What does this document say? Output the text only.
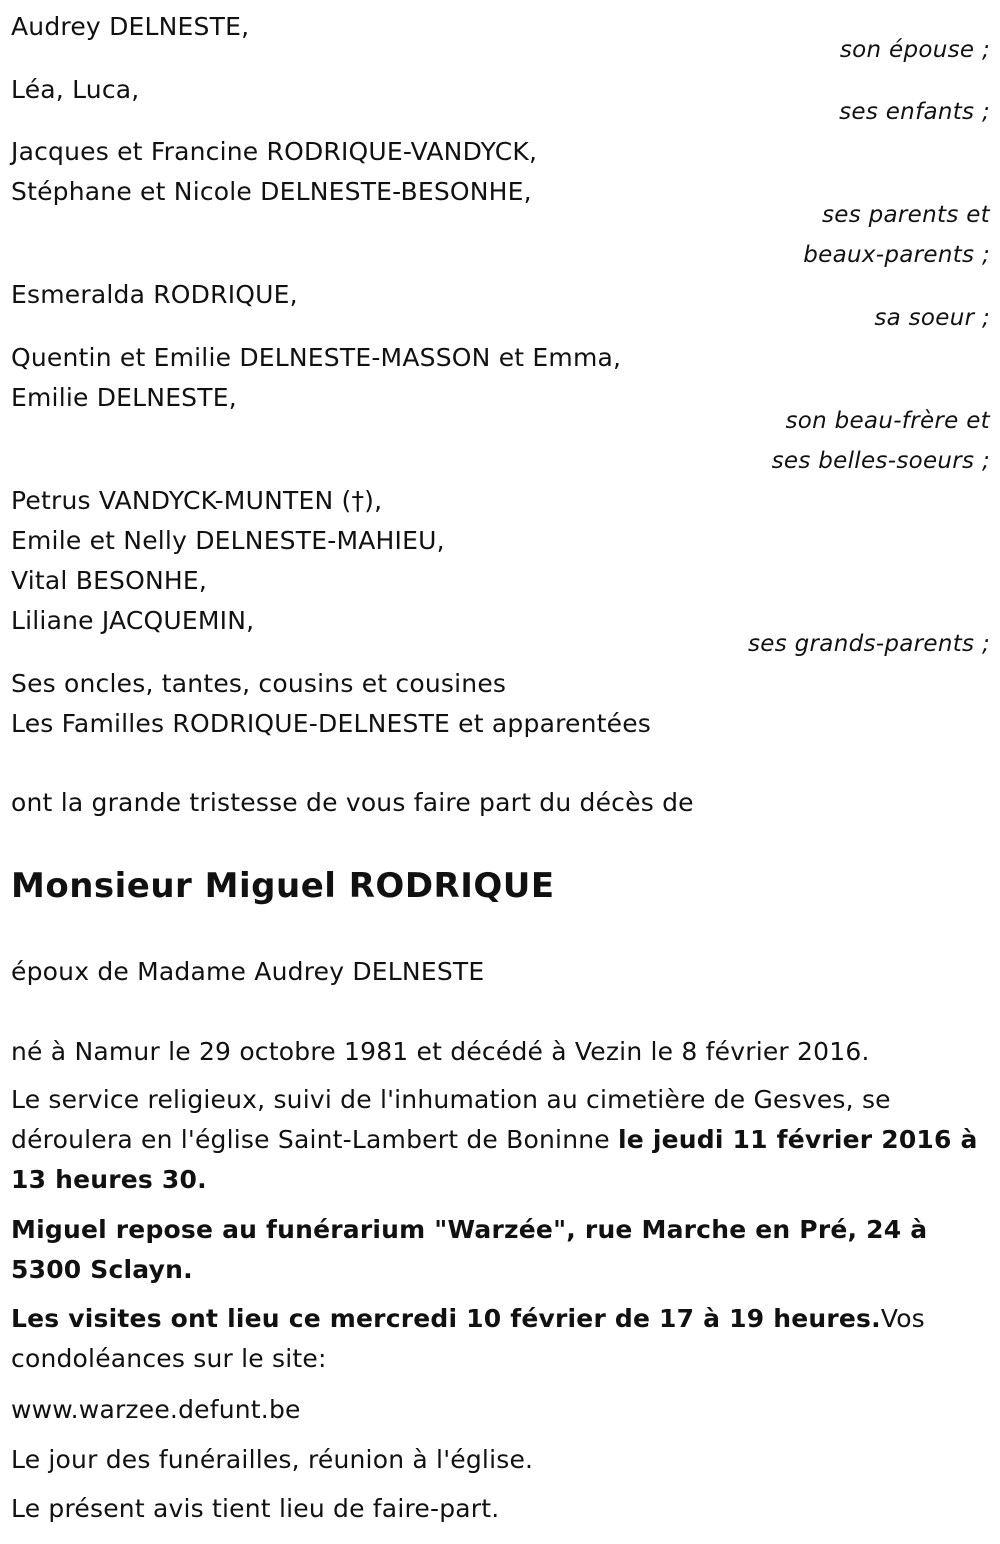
Audrey DELNESTE,
son épouse ;
Léa, Luca,
ses enfants ;
Jacques et Francine RODRIQUE-VANDYCK,
Stéphane et Nicole DELNESTE-BESONHE,
ses parents et
beaux-parents ;
Esmeralda RODRIQUE,
sa soeur ;
Quentin et Emilie DELNESTE-MASSON et Emma,
Emilie DELNESTE,
son beau-frère et
ses belles-soeurs ;
Petrus VANDYCK-MUNTEN (†),
Emile et Nelly DELNESTE-MAHIEU,
Vital BESONHE,
Liliane JACQUEMIN,
ses grands-parents ;
Ses oncles, tantes, cousins et cousines
Les Familles RODRIQUE-DELNESTE et apparentées
ont la grande tristesse de vous faire part du décès de
Monsieur Miguel RODRIQUE
époux de Madame Audrey DELNESTE
né à Namur le 29 octobre 1981 et décédé à Vezin le 8 février 2016.
Le service religieux, suivi de l'inhumation au cimetière de Gesves, se déroulera en l'église Saint-Lambert de Boninne le jeudi 11 février 2016 à 13 heures 30.
Miguel repose au funérarium "Warzée", rue Marche en Pré, 24 à 5300 Sclayn.
Les visites ont lieu ce mercredi 10 février de 17 à 19 heures.Vos condoléances sur le site:
www.warzee.defunt.be
Le jour des funérailles, réunion à l'église.
Le présent avis tient lieu de faire-part.
